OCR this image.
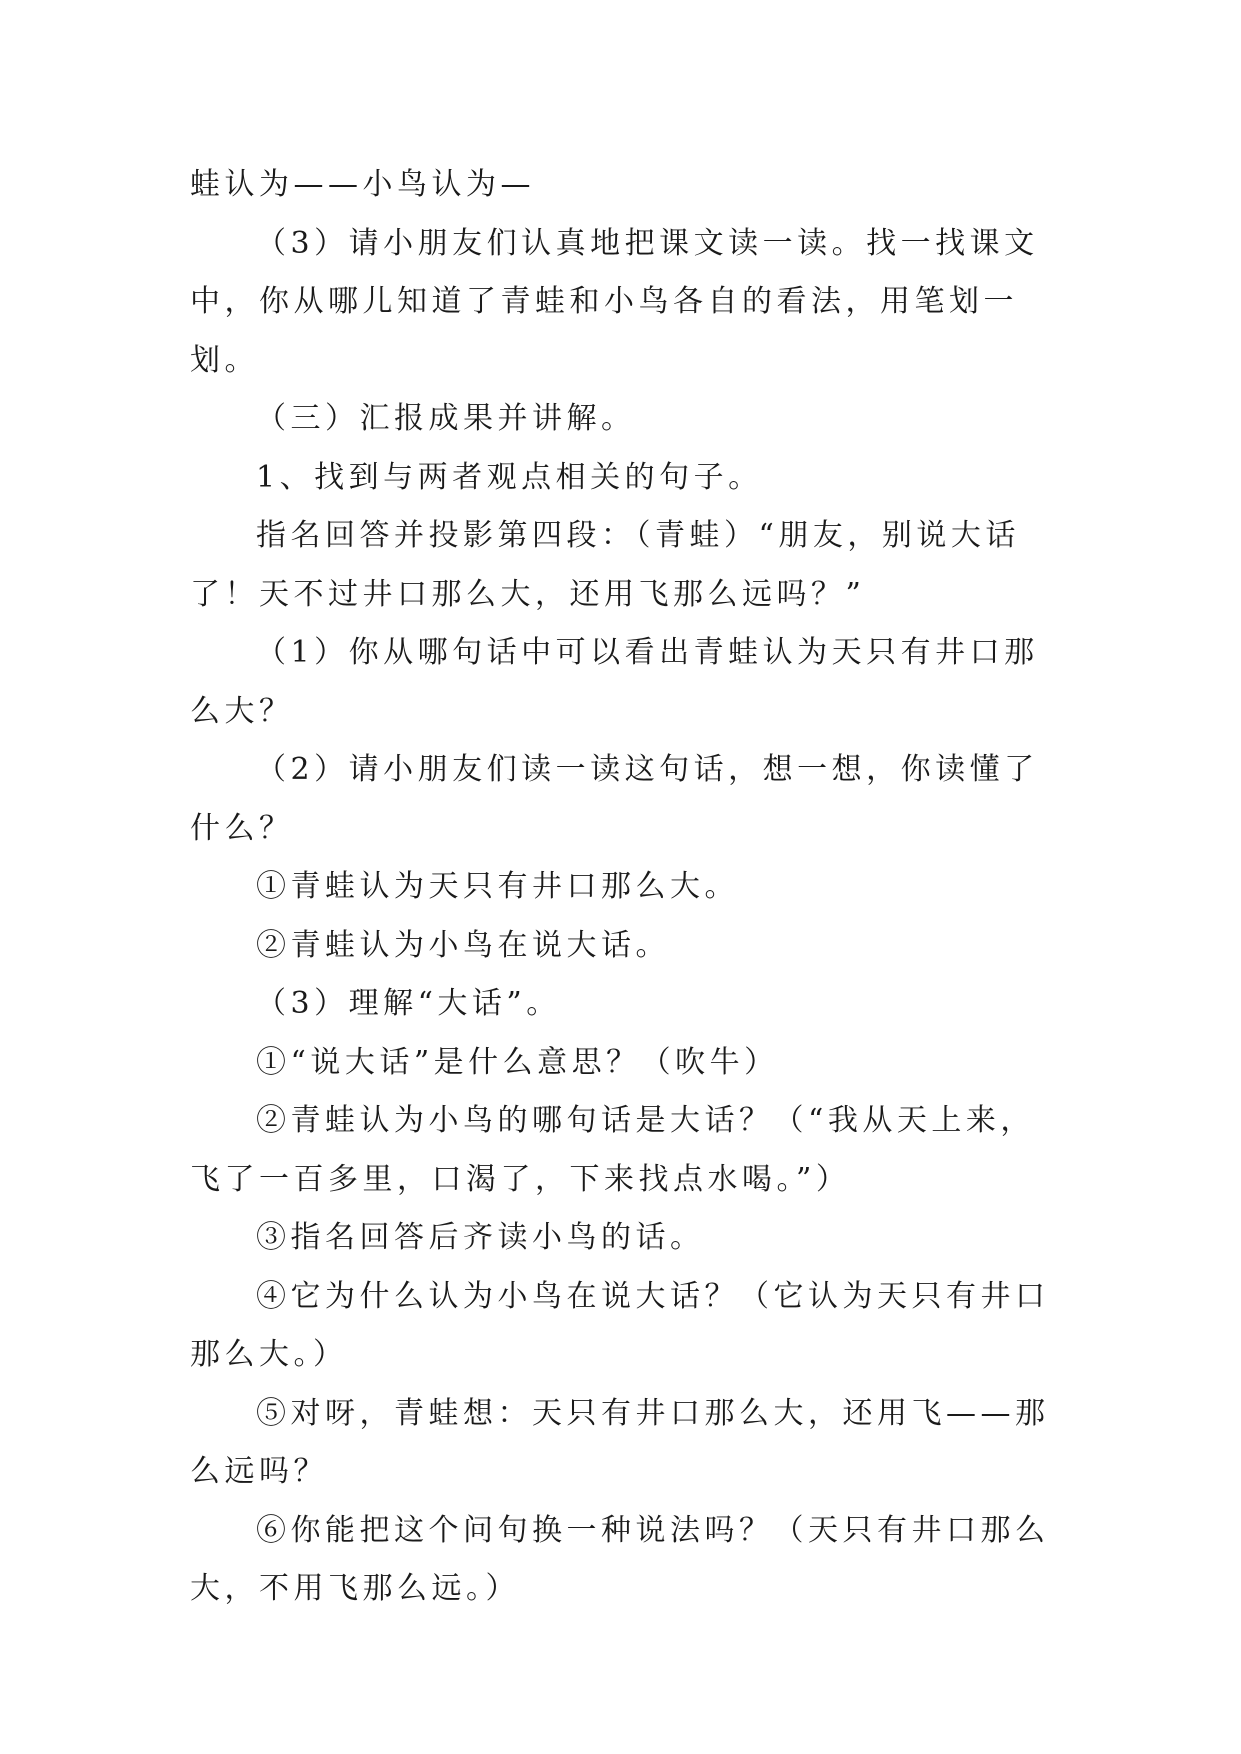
蛙认为——小鸟认为—

（3）请小朋友们认真地把课文读一读。找一找课文中，你从哪儿知道了青蛙和小鸟各自的看法，用笔划一划。

（三）汇报成果并讲解。

1、找到与两者观点相关的句子。

指名回答并投影第四段：（青蛙）“朋友，别说大话了！天不过井口那么大，还用飞那么远吗？”

（1）你从哪句话中可以看出青蛙认为天只有井口那么大？

（2）请小朋友们读一读这句话，想一想，你读懂了什么？

①青蛙认为天只有井口那么大。

②青蛙认为小鸟在说大话。

（3）理解“大话”。

①“说大话”是什么意思？（吹牛）

②青蛙认为小鸟的哪句话是大话？（“我从天上来，飞了一百多里，口渴了，下来找点水喝。”）

③指名回答后齐读小鸟的话。

④它为什么认为小鸟在说大话？（它认为天只有井口那么大。）

⑤对呀，青蛙想：天只有井口那么大，还用飞——那么远吗？

⑥你能把这个问句换一种说法吗？（天只有井口那么大，不用飞那么远。）
